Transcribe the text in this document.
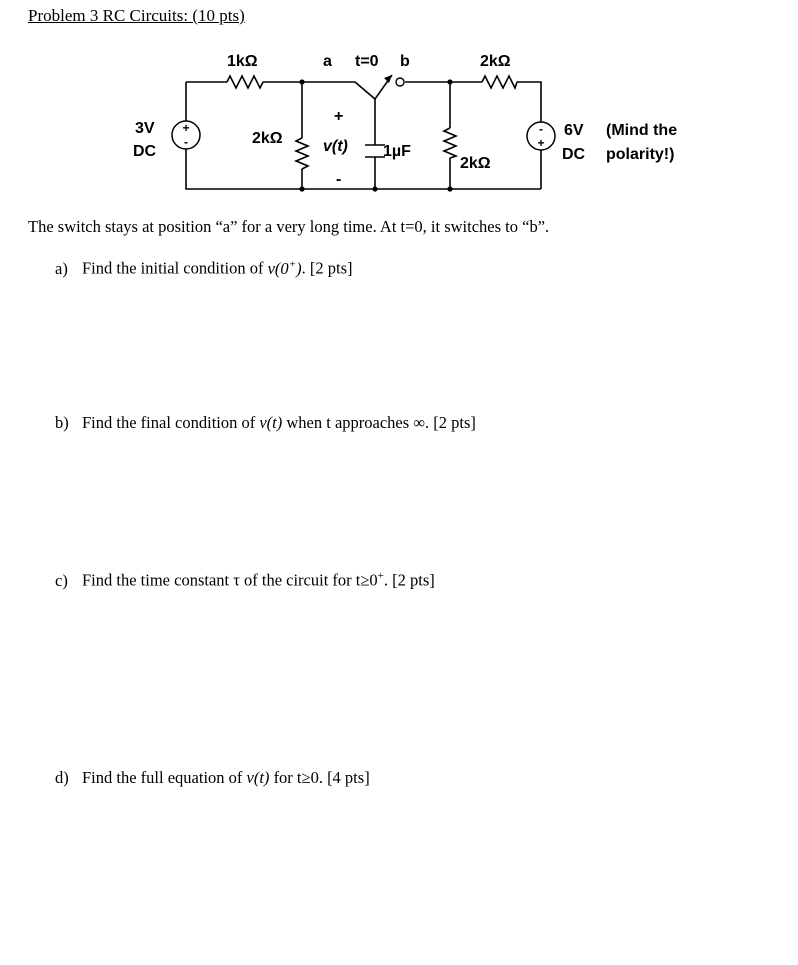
Problem 3 RC Circuits: (10 pts)
+
-
-
+
1kΩ	2kΩ
a t=0 b
2kΩ
2kΩ
1µF
v(t)
+
-
3V
DC
6V
DC
(Mind the
polarity!)
The switch stays at position “a” for a very long time. At t=0, it switches to “b”.
a) Find the initial condition of v(0+). [2 pts]
b) Find the final condition of v(t) when t approaches ∞. [2 pts]
c) Find the time constant τ of the circuit for t≥0+. [2 pts]
d) Find the full equation of v(t) for t≥0. [4 pts]
